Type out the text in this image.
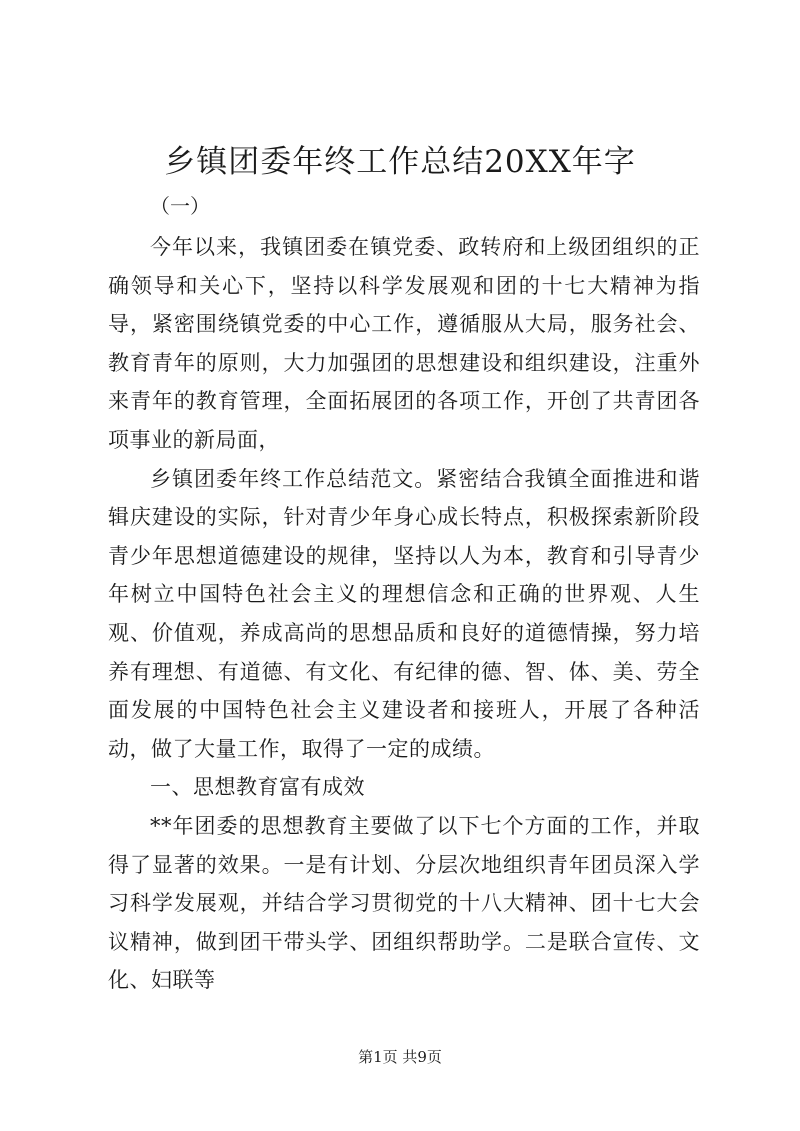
乡镇团委年终工作总结20XX年字
（一）

今年以来，我镇团委在镇党委、政转府和上级团组织的正确领导和关心下，坚持以科学发展观和团的十七大精神为指导，紧密围绕镇党委的中心工作，遵循服从大局，服务社会、教育青年的原则，大力加强团的思想建设和组织建设，注重外来青年的教育管理，全面拓展团的各项工作，开创了共青团各项事业的新局面，

乡镇团委年终工作总结范文。紧密结合我镇全面推进和谐辑庆建设的实际，针对青少年身心成长特点，积极探索新阶段青少年思想道德建设的规律，坚持以人为本，教育和引导青少年树立中国特色社会主义的理想信念和正确的世界观、人生观、价值观，养成高尚的思想品质和良好的道德情操，努力培养有理想、有道德、有文化、有纪律的德、智、体、美、劳全面发展的中国特色社会主义建设者和接班人，开展了各种活动，做了大量工作，取得了一定的成绩。

一、思想教育富有成效

**年团委的思想教育主要做了以下七个方面的工作，并取得了显著的效果。一是有计划、分层次地组织青年团员深入学习科学发展观，并结合学习贯彻党的十八大精神、团十七大会议精神，做到团干带头学、团组织帮助学。二是联合宣传、文化、妇联等

第1页 共9页
